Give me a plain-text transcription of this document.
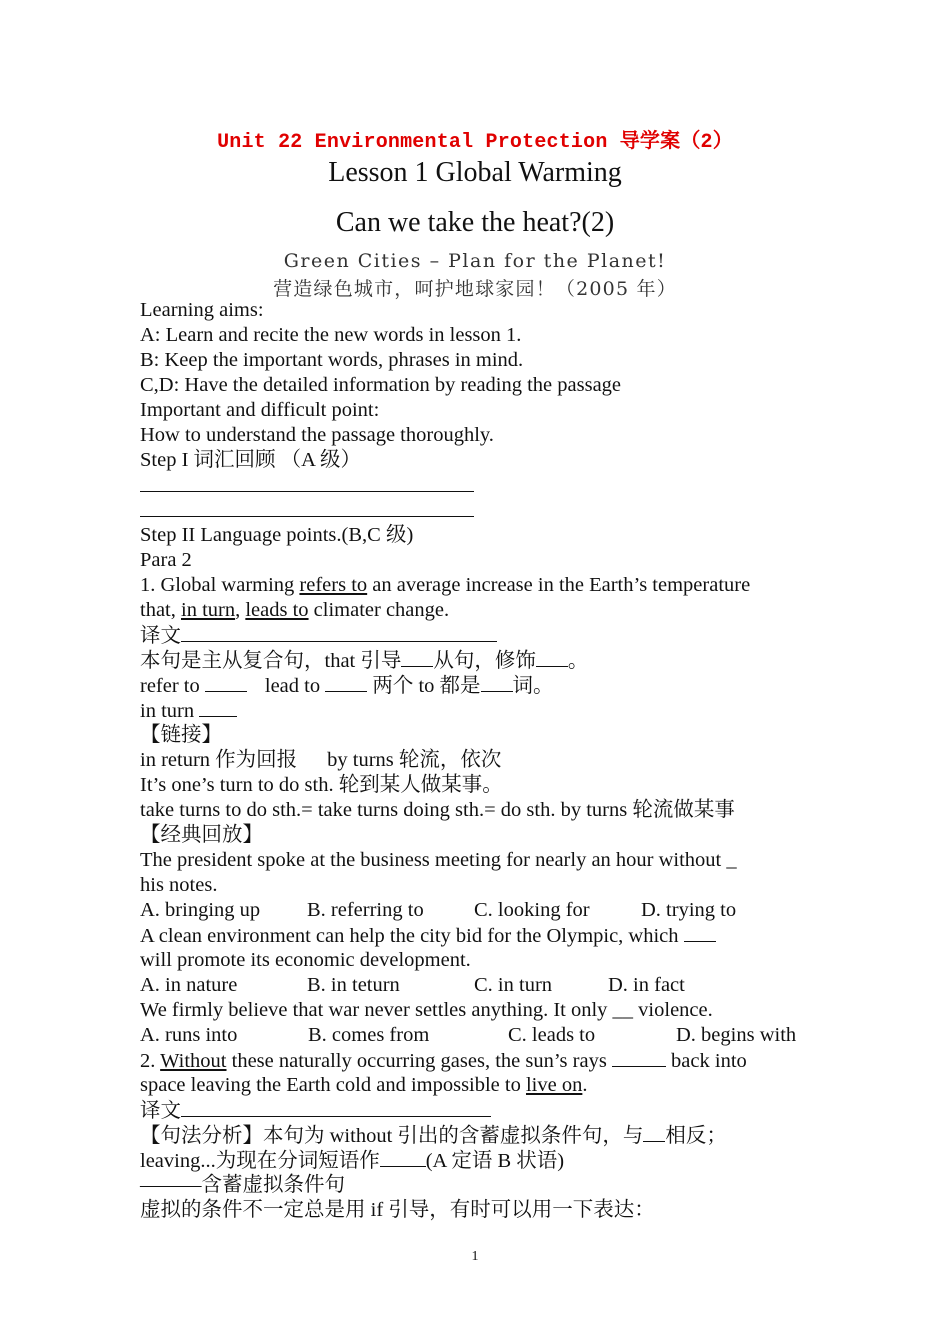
Unit 22 Environmental Protection 导学案（2）
Lesson 1 Global Warming
Can we take the heat?(2)
Green Cities – Plan for the Planet!
营造绿色城市，呵护地球家园！（2005 年）
Learning aims:
A: Learn and recite the new words in lesson 1.
B: Keep the important words, phrases in mind.
C,D: Have the detailed information by reading the passage
Important and difficult point:
How to understand the passage thoroughly.
Step I 词汇回顾 （A 级）
Step II Language points.(B,C 级)
Para 2
1. Global warming refers to an average increase in the Earth’s temperature
that, in turn, leads to climater change.
译文
本句是主从复合句，that 引导 从句，修饰 。
refer to	lead to  两个 to 都是 词。
in turn
【链接】
in return 作为回报 by turns 轮流，依次
It’s one’s turn to do sth. 轮到某人做某事。
take turns to do sth.= take turns doing sth.= do sth. by turns 轮流做某事
【经典回放】
The president spoke at the business meeting for nearly an hour without _
his notes.
A. bringing up B. referring to C. looking for	D. trying to
A clean environment can help the city bid for the Olympic, which
will promote its economic development.
A. in nature	B. in teturn	C. in turn	D. in fact
We firmly believe that war never settles anything. It only __ violence.
A. runs into	B. comes from	C. leads to	D. begins with
2. Without these naturally occurring gases, the sun’s rays	back into
space leaving the Earth cold and impossible to live on.
译文
【句法分析】本句为 without 引出的含蓄虚拟条件句，与 相反；
leaving...为现在分词短语作 (A 定语 B 状语)
———含蓄虚拟条件句
虚拟的条件不一定总是用 if 引导，有时可以用一下表达：
1
